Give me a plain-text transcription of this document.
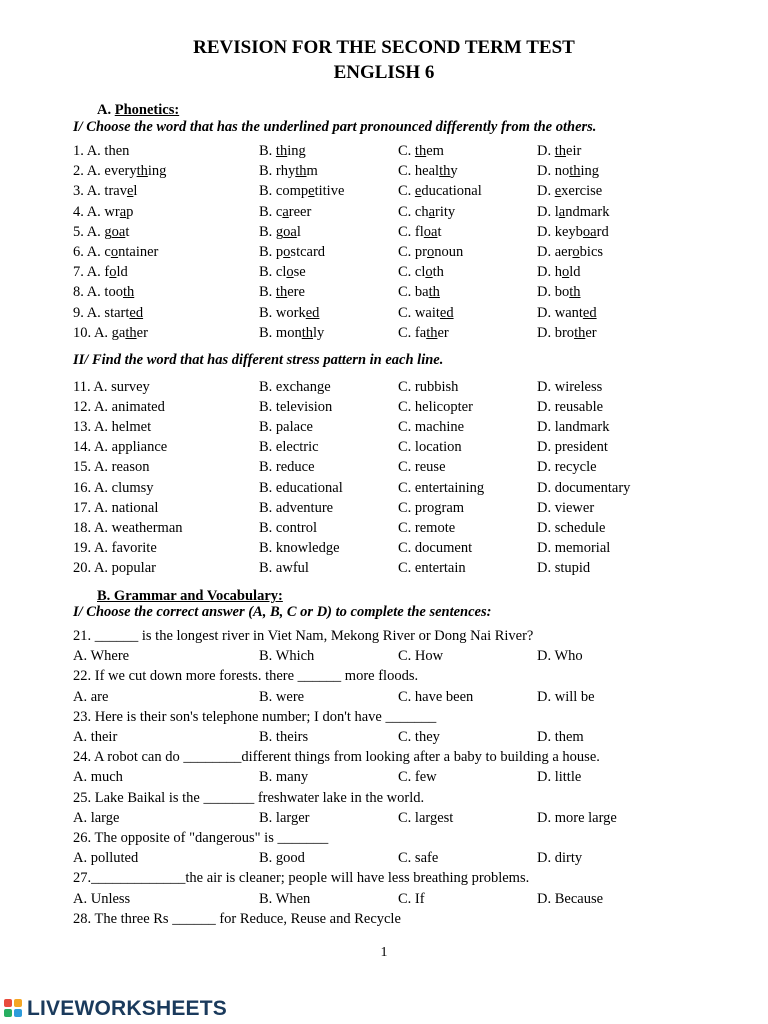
REVISION FOR THE SECOND TERM TEST
ENGLISH 6
A. Phonetics:
I/ Choose the word that has the underlined part pronounced differently from the others.
1. A. then	B. thing	C. them	D. their
2. A. everything	B. rhythm	C. healthy	D. nothing
3. A. travel	B. competitive	C. educational	D. exercise
4. A. wrap	B. career	C. charity	D. landmark
5. A. goat	B. goal	C. float	D. keyboard
6. A. container	B. postcard	C. pronoun	D. aerobics
7. A. fold	B. close	C. cloth	D. hold
8. A. tooth	B. there	C. bath	D. both
9. A. started	B. worked	C. waited	D. wanted
10. A. gather	B. monthly	C. father	D. brother
II/ Find the word that has different stress pattern in each line.
11. A. survey	B. exchange	C. rubbish	D. wireless
12. A. animated	B. television	C. helicopter	D. reusable
13. A. helmet	B. palace	C. machine	D. landmark
14. A. appliance	B. electric	C. location	D. president
15. A. reason	B. reduce	C. reuse	D. recycle
16. A. clumsy	B. educational	C. entertaining	D. documentary
17. A. national	B. adventure	C. program	D. viewer
18. A. weatherman	B. control	C. remote	D. schedule
19. A. favorite	B. knowledge	C. document	D. memorial
20. A. popular	B. awful	C. entertain	D. stupid
B. Grammar and Vocabulary:
I/ Choose the correct answer (A, B, C or D) to complete the sentences:
21. ______ is the longest river in Viet Nam, Mekong River or Dong Nai River?
A. Where	B. Which	C. How	D. Who
22. If we cut down more forests. there ______ more floods.
A. are	B. were	C. have been	D. will be
23. Here is their son's telephone number; I don't have _______
A. their	B. theirs	C. they	D. them
24. A robot can do ________different things from looking after a baby to building a house.
A. much	B. many	C. few	D. little
25. Lake Baikal is the _______ freshwater lake in the world.
A. large	B. larger	C. largest	D. more large
26. The opposite of "dangerous" is _______
A. polluted	B. good	C. safe	D. dirty
27._____________the air is cleaner; people will have less breathing problems.
A. Unless	B. When	C. If	D. Because
28. The three Rs ______ for Reduce, Reuse and Recycle
1
LIVEWORKSHEETS
